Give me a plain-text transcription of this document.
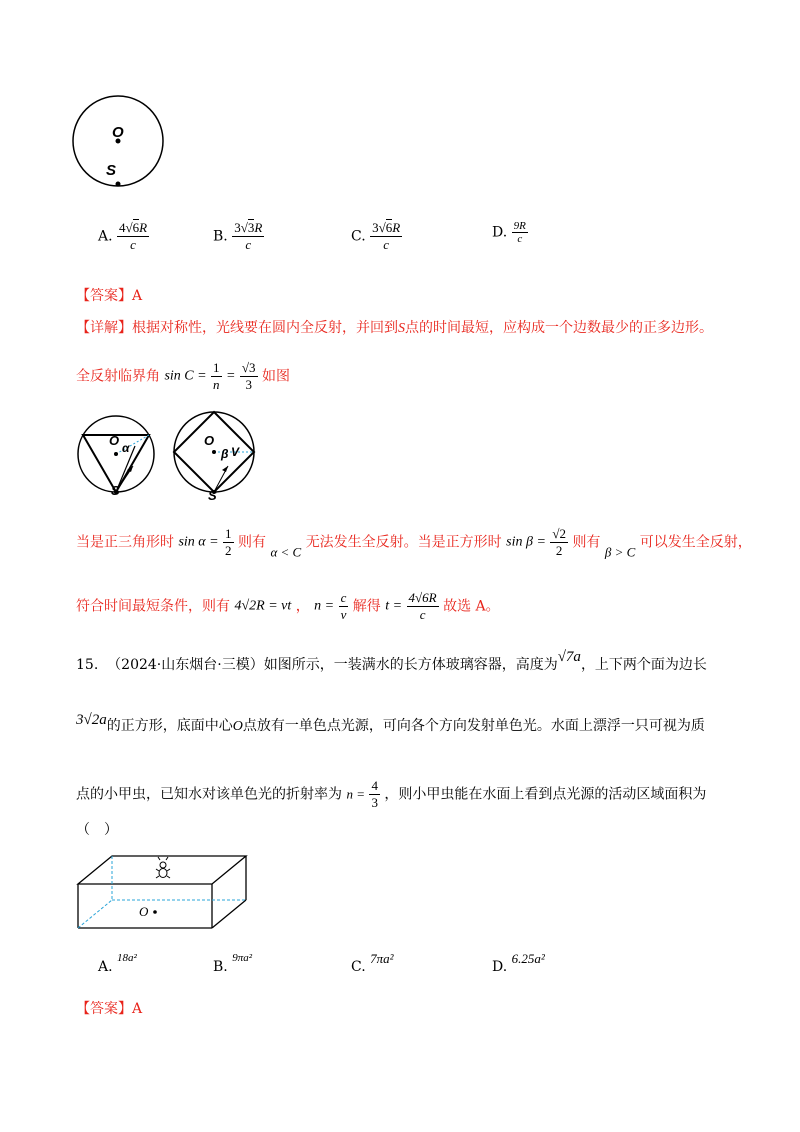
O
S
A. $\frac{4√6R}{c}$	B. $\frac{3√3R}{c}$	C. $\frac{3√6R}{c}$	D. $\frac{9R}{c}$
【答案】A
【详解】根据对称性，光线要在圆内全反射，并回到S点的时间最短，应构成一个边数最少的正多边形。
全反射临界角 $\sin C = \frac{1}{n} = \frac{√3}{3}$ 如图
O α
S
O
β V
S
当是正三角形时 $\sin \alpha = \frac{1}{2}$ 则有 α < C 无法发生全反射。当是正方形时 $\sin \beta = \frac{√2}{2}$ 则有 β > C 可以发生全反射，
符合时间最短条件，则有 4√2R = vt ， $n = \frac{c}{v}$ 解得 $t = \frac{4√6R}{c}$ 故选 A。
15. （2024·山东烟台·三模）如图所示，一装满水的长方体玻璃容器，高度为√7a，上下两个面为边长
3√2a的正方形，底面中心O点放有一单色点光源，可向各个方向发射单色光。水面上漂浮一只可视为质
点的小甲虫，已知水对该单色光的折射率为 $n = \frac{4}{3}$ ，则小甲虫能在水面上看到点光源的活动区域面积为
（　）
O
A. $^{18a^2}$
B. $^{9\pi a^2}$
C. 7πa²
D. 6.25a²
【答案】A
